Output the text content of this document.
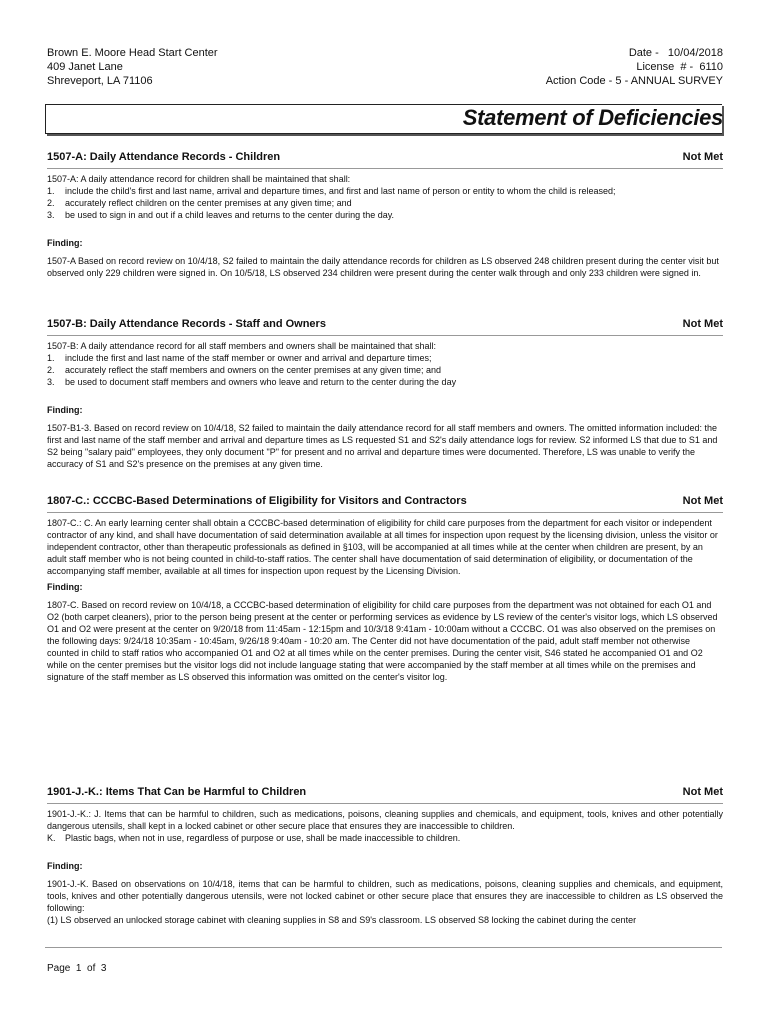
Brown E. Moore Head Start Center
409 Janet Lane
Shreveport, LA 71106
Date -   10/04/2018
License  # -  6110
Action Code - 5 - ANNUAL SURVEY
Statement of Deficiencies
1507-A: Daily Attendance Records - Children	Not Met
1507-A: A daily attendance record for children shall be maintained that shall:
1.	include the child's first and last name, arrival and departure times, and first and last name of person or entity to whom the child is released;
2.	accurately reflect children on the center premises at any given time; and
3.	be used to sign in and out if a child leaves and returns to the center during the day.
Finding:
1507-A Based on record review on 10/4/18, S2 failed to maintain the daily attendance records for children as LS observed 248 children present during the center visit but observed only 229 children were signed in. On 10/5/18, LS observed 234 children were present during the center walk through and only 233 children were signed in.
1507-B: Daily Attendance Records - Staff and Owners	Not Met
1507-B: A daily attendance record for all staff members and owners shall be maintained that shall:
1.	include the first and last name of the staff member or owner and arrival and departure times;
2.	accurately reflect the staff members and owners on the center premises at any given time; and
3.	be used to document staff members and owners who leave and return to the center during the day
Finding:
1507-B1-3. Based on record review on 10/4/18, S2 failed to maintain the daily attendance record for all staff members and owners. The omitted information included: the first and last name of the staff member and arrival and departure times as LS requested S1 and S2's daily attendance logs for review. S2 informed LS that due to S1 and S2 being "salary paid" employees, they only document "P" for present and no arrival and departure times were documented. Therefore, LS was unable to verify the accuracy of S1 and S2's presence on the premises at any given time.
1807-C.: CCCBC-Based Determinations of Eligibility for Visitors and Contractors	Not Met
1807-C.: C. An early learning center shall obtain a CCCBC-based determination of eligibility for child care purposes from the department for each visitor or independent contractor of any kind, and shall have documentation of said determination available at all times for inspection upon request by the licensing division, unless the visitor or independent contractor, other than therapeutic professionals as defined in §103, will be accompanied at all times while at the center when children are present, by an adult staff member who is not being counted in child-to-staff ratios. The center shall have documentation of said determination of eligibility, or documentation of the accompanying staff member, available at all times for inspection upon request by the Licensing Division.
Finding:
1807-C. Based on record review on 10/4/18, a CCCBC-based determination of eligibility for child care purposes from the department was not obtained for each O1 and O2 (both carpet cleaners), prior to the person being present at the center or performing services as evidence by LS review of the center's visitor logs, which LS observed O1 and O2 were present at the center on 9/20/18 from 11:45am - 12:15pm and 10/3/18 9:41am - 10:00am without a CCCBC. O1 was also observed on the premises on the following days: 9/24/18 10:35am - 10:45am, 9/26/18 9:40am - 10:20 am. The Center did not have documentation of the paid, adult staff member not otherwise counted in child to staff ratios who accompanied O1 and O2 at all times while on the center premises. During the center visit, S46 stated he accompanied O1 and O2 while on the center premises but the visitor logs did not include language stating that were accompanied by the staff member at all times while on the premises and signature of the staff member as LS observed this information was omitted on the center's visitor log.
1901-J.-K.: Items That Can be Harmful to Children	Not Met
1901-J.-K.: J. Items that can be harmful to children, such as medications, poisons, cleaning supplies and chemicals, and equipment, tools, knives and other potentially dangerous utensils, shall kept in a locked cabinet or other secure place that ensures they are inaccessible to children.
K.	Plastic bags, when not in use, regardless of purpose or use, shall be made inaccessible to children.
Finding:
1901-J.-K. Based on observations on 10/4/18, items that can be harmful to children, such as medications, poisons, cleaning supplies and chemicals, and equipment, tools, knives and other potentially dangerous utensils, were not locked cabinet or other secure place that ensures they are inaccessible to children as LS observed the following:
(1) LS observed an unlocked storage cabinet with cleaning supplies in S8 and S9's classroom. LS observed S8 locking the cabinet during the center
Page  1  of  3
